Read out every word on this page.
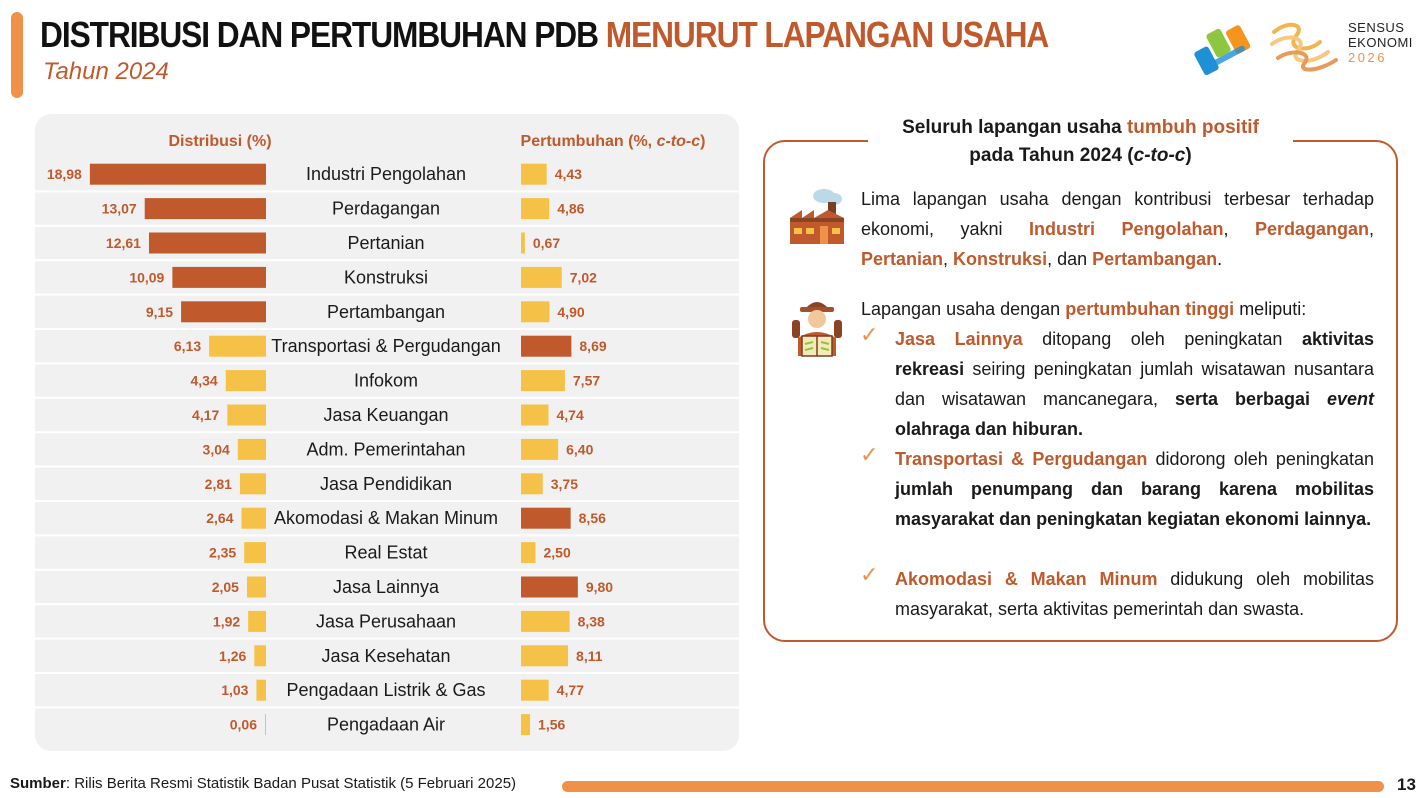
DISTRIBUSI DAN PERTUMBUHAN PDB MENURUT LAPANGAN USAHA
Tahun 2024
SENSUS
EKONOMI
2026
Distribusi (%)	Pertumbuhan (%, c-to-c)
18,98	Industri Pengolahan	4,43
13,07	Perdagangan	4,86
12,61	Pertanian	0,67
10,09	Konstruksi	7,02
9,15	Pertambangan	4,90
6,13	Transportasi & Pergudangan	8,69
4,34	Infokom	7,57
4,17	Jasa Keuangan	4,74
3,04	Adm. Pemerintahan	6,40
2,81	Jasa Pendidikan	3,75
2,64 Akomodasi & Makan Minum	8,56
2,35	Real Estat	2,50
2,05	Jasa Lainnya	9,80
1,92	Jasa Perusahaan	8,38
1,26	Jasa Kesehatan	8,11
1,03 Pengadaan Listrik & Gas	4,77
0,06	Pengadaan Air	1,56
Seluruh lapangan usaha tumbuh positif
pada Tahun 2024 (c-to-c)
Lima lapangan usaha dengan kontribusi terbesar terhadap ekonomi, yakni Industri Pengolahan, Perdagangan, Pertanian, Konstruksi, dan Pertambangan.
Lapangan usaha dengan pertumbuhan tinggi meliputi:
✓ Jasa Lainnya ditopang oleh peningkatan aktivitas rekreasi seiring peningkatan jumlah wisatawan nusantara dan wisatawan mancanegara, serta berbagai event olahraga dan hiburan.
✓ Transportasi & Pergudangan didorong oleh peningkatan jumlah penumpang dan barang karena mobilitas masyarakat dan peningkatan kegiatan ekonomi lainnya.
✓ Akomodasi & Makan Minum didukung oleh mobilitas masyarakat, serta aktivitas pemerintah dan swasta.
Sumber: Rilis Berita Resmi Statistik Badan Pusat Statistik (5 Februari 2025)	13
